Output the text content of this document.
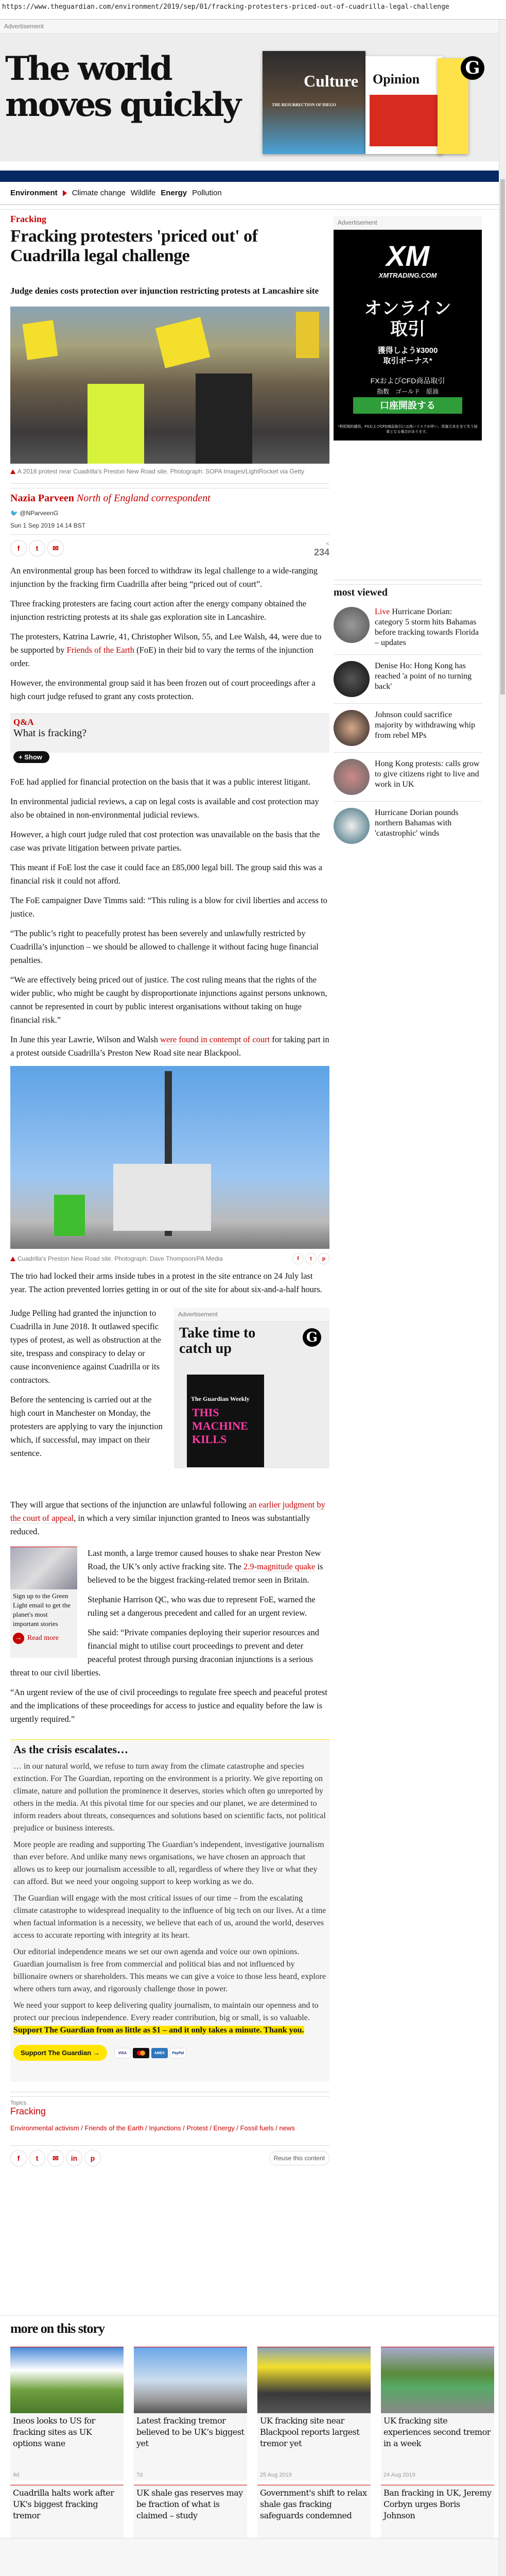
https://www.theguardian.com/environment/2019/sep/01/fracking-protesters-priced-out-of-cuadrilla-legal-challenge
Advertisement
The world
moves quickly
Culture
THE RESURRECTION OF DIEGO
Opinion
G
Environment Climate change Wildlife Energy Pollution
Fracking
Fracking protesters 'priced out' of Cuadrilla legal challenge
Judge denies costs protection over injunction restricting protests at Lancashire site
A 2018 protest near Cuadrilla's Preston New Road site. Photograph: SOPA Images/LightRocket via Getty
Nazia Parveen North of England correspondent
🐦 @NParveenG
Sun 1 Sep 2019 14.14 BST
f	t	✉
<
234

An environmental group has been forced to withdraw its legal challenge to a wide-ranging injunction by the fracking firm Cuadrilla after being “priced out of court”.

Three fracking protesters are facing court action after the energy company obtained the injunction restricting protests at its shale gas exploration site in Lancashire.

The protesters, Katrina Lawrie, 41, Christopher Wilson, 55, and Lee Walsh, 44, were due to be supported by Friends of the Earth (FoE) in their bid to vary the terms of the injunction order.

However, the environmental group said it has been frozen out of court proceedings after a high court judge refused to grant any costs protection.

Q&A
What is fracking?
+ Show

FoE had applied for financial protection on the basis that it was a public interest litigant.

In environmental judicial reviews, a cap on legal costs is available and cost protection may also be obtained in non-environmental judicial reviews.

However, a high court judge ruled that cost protection was unavailable on the basis that the case was private litigation between private parties.

This meant if FoE lost the case it could face an £85,000 legal bill. The group said this was a financial risk it could not afford.

The FoE campaigner Dave Timms said: “This ruling is a blow for civil liberties and access to justice.

“The public’s right to peacefully protest has been severely and unlawfully restricted by Cuadrilla’s injunction – we should be allowed to challenge it without facing huge financial penalties.

“We are effectively being priced out of justice. The cost ruling means that the rights of the wider public, who might be caught by disproportionate injunctions against persons unknown, cannot be represented in court by public interest organisations without taking on huge financial risk.”

In June this year Lawrie, Wilson and Walsh were found in contempt of court for taking part in a protest outside Cuadrilla’s Preston New Road site near Blackpool.

Cuadrilla's Preston New Road site. Photograph: Dave Thompson/PA Media	f	t	p

The trio had locked their arms inside tubes in a protest in the site entrance on 24 July last year. The action prevented lorries getting in or out of the site for about six-and-a-half hours.

Judge Pelling had granted the injunction to Cuadrilla in June 2018. It outlawed specific types of protest, as well as obstruction at the site, trespass and conspiracy to delay or cause inconvenience against Cuadrilla or its contractors.

Before the sentencing is carried out at the high court in Manchester on Monday, the protesters are applying to vary the injunction which, if successful, may impact on their sentence.

Advertisement
Take time to catch up
G
The Guardian Weekly
THIS MACHINE KILLS

They will argue that sections of the injunction are unlawful following an earlier judgment by the court of appeal, in which a very similar injunction granted to Ineos was substantially reduced.

Sign up to the Green Light email to get the planet's most important stories
→ Read more

Last month, a large tremor caused houses to shake near Preston New Road, the UK’s only active fracking site. The 2.9-magnitude quake is believed to be the biggest fracking-related tremor seen in Britain.

Stephanie Harrison QC, who was due to represent FoE, warned the ruling set a dangerous precedent and called for an urgent review.

She said: “Private companies deploying their superior resources and financial might to utilise court proceedings to prevent and deter peaceful protest through pursing draconian injunctions is a serious threat to our civil liberties.

“An urgent review of the use of civil proceedings to regulate free speech and peaceful protest and the implications of these proceedings for access to justice and equality before the law is urgently required.”

As the crisis escalates…

… in our natural world, we refuse to turn away from the climate catastrophe and species extinction. For The Guardian, reporting on the environment is a priority. We give reporting on climate, nature and pollution the prominence it deserves, stories which often go unreported by others in the media. At this pivotal time for our species and our planet, we are determined to inform readers about threats, consequences and solutions based on scientific facts, not political prejudice or business interests.

More people are reading and supporting The Guardian’s independent, investigative journalism than ever before. And unlike many news organisations, we have chosen an approach that allows us to keep our journalism accessible to all, regardless of where they live or what they can afford. But we need your ongoing support to keep working as we do.

The Guardian will engage with the most critical issues of our time – from the escalating climate catastrophe to widespread inequality to the influence of big tech on our lives. At a time when factual information is a necessity, we believe that each of us, around the world, deserves access to accurate reporting with integrity at its heart.

Our editorial independence means we set our own agenda and voice our own opinions. Guardian journalism is free from commercial and political bias and not influenced by billionaire owners or shareholders. This means we can give a voice to those less heard, explore where others turn away, and rigorously challenge those in power.

We need your support to keep delivering quality journalism, to maintain our openness and to protect our precious independence. Every reader contribution, big or small, is so valuable. Support The Guardian from as little as $1 – and it only takes a minute. Thank you.

Support The Guardian →	VISA	AMEX	PayPal
Topics
Fracking
Environmental activism / Friends of the Earth / Injunctions / Protest / Energy / Fossil fuels / news
f	t	✉	in	p	Reuse this content
Advertisement
XM
XMTRADING.COM
オンライン
取引
獲得しよう¥3000
取引ボーナス*
FXおよびCFD商品取引
指数　 ゴールド　 原油
口座開設する
*利用規約適用。FXおよびCFD商品取引には高いリスクが伴い、投資元本を全て失う結果となる場合があります。
most viewed
Live Hurricane Dorian: category 5 storm hits Bahamas before tracking towards Florida – updates
Denise Ho: Hong Kong has reached 'a point of no turning back'
Johnson could sacrifice majority by withdrawing whip from rebel MPs
Hong Kong protests: calls grow to give citizens right to live and work in UK
Hurricane Dorian pounds northern Bahamas with 'catastrophic' winds
more on this story
Ineos looks to US for fracking sites as UK options wane
4d
Latest fracking tremor believed to be UK’s biggest yet
7d
UK fracking site near Blackpool reports largest tremor yet
25 Aug 2019
UK fracking site experiences second tremor in a week
24 Aug 2019
Cuadrilla halts work after UK's biggest fracking tremor
UK shale gas reserves may be fraction of what is claimed – study
Government's shift to relax shale gas fracking safeguards condemned
Ban fracking in UK, Jeremy Corbyn urges Boris Johnson
